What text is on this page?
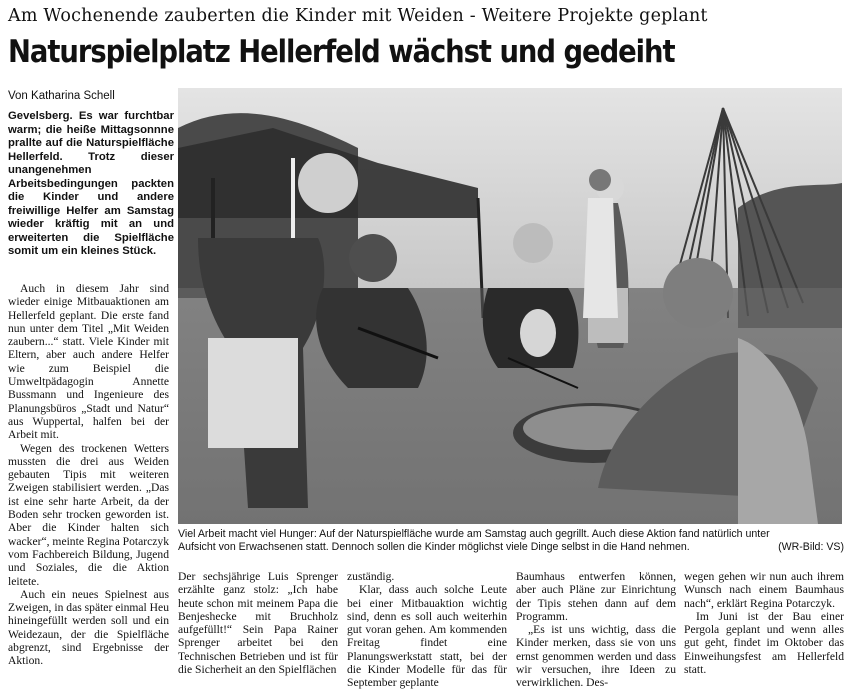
Am Wochenende zauberten die Kinder mit Weiden - Weitere Projekte geplant
Naturspielplatz Hellerfeld wächst und gedeiht
Von Katharina Schell
Gevelsberg. Es war furchtbar warm; die heiße Mittagsonnne prallte auf die Naturspielfläche Hellerfeld. Trotz dieser unangenehmen Arbeitsbedingungen packten die Kinder und andere freiwillige Helfer am Samstag wieder kräftig mit an und erweiterten die Spielfläche somit um ein kleines Stück.

Auch in diesem Jahr sind wieder einige Mitbauaktionen am Hellerfeld geplant. Die erste fand nun unter dem Titel „Mit Weiden zaubern...“ statt. Viele Kinder mit Eltern, aber auch andere Helfer wie zum Beispiel die Umweltpädagogin Annette Bussmann und Ingenieure des Planungsbüros „Stadt und Natur“ aus Wuppertal, halfen bei der Arbeit mit.

Wegen des trockenen Wetters mussten die drei aus Weiden gebauten Tipis mit weiteren Zweigen stabilisiert werden. „Das ist eine sehr harte Arbeit, da der Boden sehr trocken geworden ist. Aber die Kinder halten sich wacker“, meinte Regina Potarczyk vom Fachbereich Bildung, Jugend und Soziales, die die Aktion leitete.

Auch ein neues Spielnest aus Zweigen, in das später einmal Heu hineingefüllt werden soll und ein Weidezaun, der die Spielfläche abgrenzt, sind Ergebnisse der Aktion.

Viel Arbeit macht viel Hunger: Auf der Naturspielfläche wurde am Samstag auch gegrillt. Auch diese Aktion fand natürlich unter
Aufsicht von Erwachsenen statt. Dennoch sollen die Kinder möglichst viele Dinge selbst in die Hand nehmen.	(WR-Bild: VS)

Der sechsjährige Luis Sprenger erzählte ganz stolz: „Ich habe heute schon mit meinem Papa die Benjeshecke mit Bruchholz aufgefüllt!“ Sein Papa Rainer Sprenger arbeitet bei den Technischen Betrieben und ist für die Sicherheit an den Spielflächen

zuständig.

Klar, dass auch solche Leute bei einer Mitbauaktion wichtig sind, denn es soll auch weiterhin gut voran gehen. Am kommenden Freitag findet eine Planungswerkstatt statt, bei der die Kinder Modelle für das für September geplante

Baumhaus entwerfen können, aber auch Pläne zur Einrichtung der Tipis stehen dann auf dem Programm.

„Es ist uns wichtig, dass die Kinder merken, dass sie von uns ernst genommen werden und dass wir versuchen, ihre Ideen zu verwirklichen. Des-

wegen gehen wir nun auch ihrem Wunsch nach einem Baumhaus nach“, erklärt Regina Potarczyk.

Im Juni ist der Bau einer Pergola geplant und wenn alles gut geht, findet im Oktober das Einweihungsfest am Hellerfeld statt.
